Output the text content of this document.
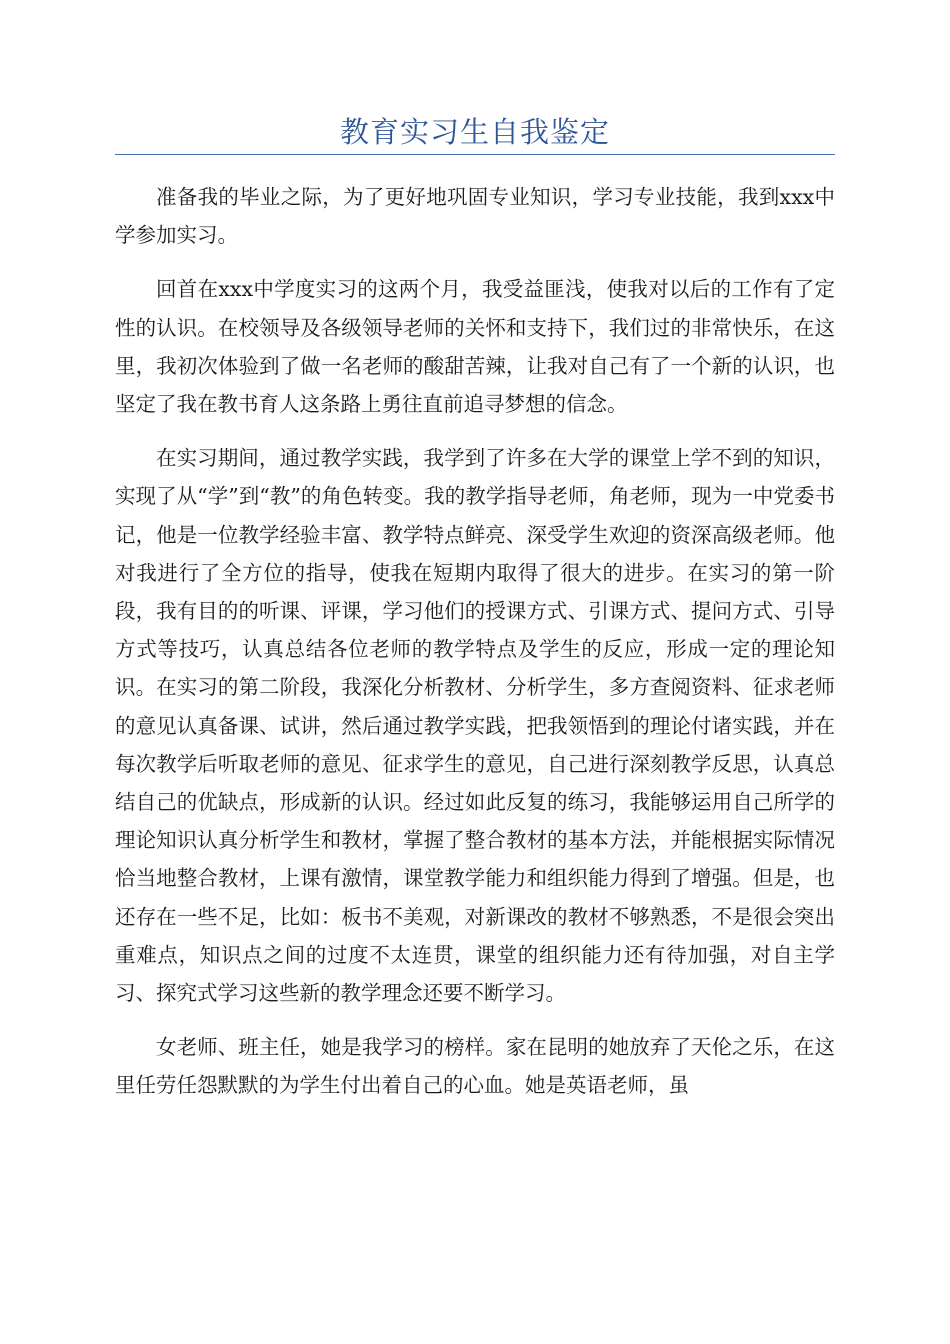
教育实习生自我鉴定

准备我的毕业之际，为了更好地巩固专业知识，学习专业技能，我到xxx中学参加实习。

回首在xxx中学度实习的这两个月，我受益匪浅，使我对以后的工作有了定性的认识。在校领导及各级领导老师的关怀和支持下，我们过的非常快乐，在这里，我初次体验到了做一名老师的酸甜苦辣，让我对自己有了一个新的认识，也坚定了我在教书育人这条路上勇往直前追寻梦想的信念。

在实习期间，通过教学实践，我学到了许多在大学的课堂上学不到的知识，实现了从“学”到“教”的角色转变。我的教学指导老师，角老师，现为一中党委书记，他是一位教学经验丰富、教学特点鲜亮、深受学生欢迎的资深高级老师。他对我进行了全方位的指导，使我在短期内取得了很大的进步。在实习的第一阶段，我有目的的听课、评课，学习他们的授课方式、引课方式、提问方式、引导方式等技巧，认真总结各位老师的教学特点及学生的反应，形成一定的理论知识。在实习的第二阶段，我深化分析教材、分析学生，多方查阅资料、征求老师的意见认真备课、试讲，然后通过教学实践，把我领悟到的理论付诸实践，并在每次教学后听取老师的意见、征求学生的意见，自己进行深刻教学反思，认真总结自己的优缺点，形成新的认识。经过如此反复的练习，我能够运用自己所学的理论知识认真分析学生和教材，掌握了整合教材的基本方法，并能根据实际情况恰当地整合教材，上课有激情，课堂教学能力和组织能力得到了增强。但是，也还存在一些不足，比如：板书不美观，对新课改的教材不够熟悉，不是很会突出重难点，知识点之间的过度不太连贯，课堂的组织能力还有待加强，对自主学习、探究式学习这些新的教学理念还要不断学习。

女老师、班主任，她是我学习的榜样。家在昆明的她放弃了天伦之乐，在这里任劳任怨默默的为学生付出着自己的心血。她是英语老师，虽
